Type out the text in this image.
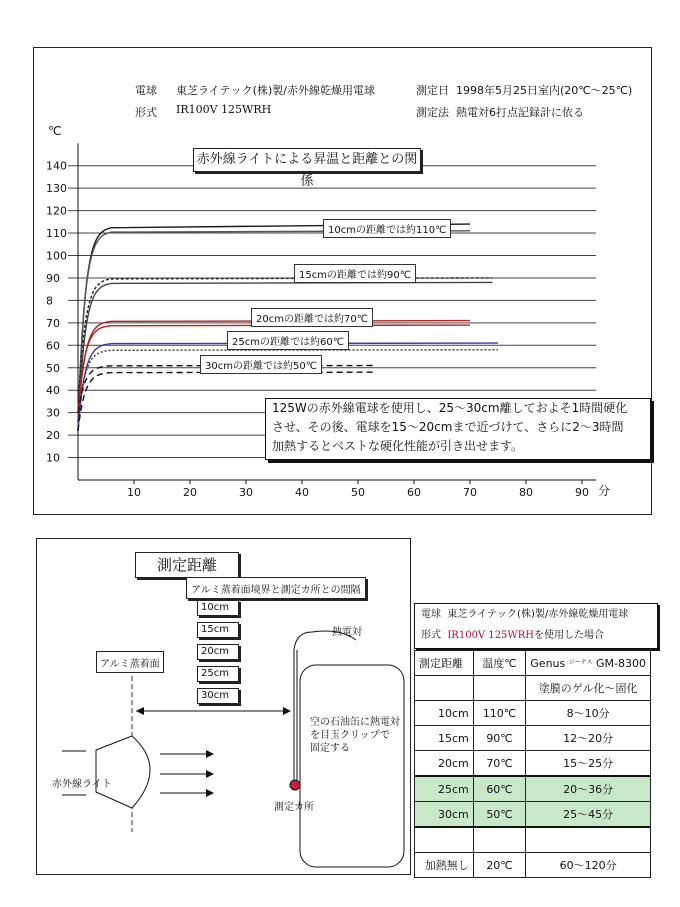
10
20
30
40
50
60
70
8
90
100
110
120
130
140
10	20	30	40	50	60	70	80	90
電球 東芝ライテック(株)製/赤外線乾燥用電球	測定日 1998年5月25日室内(20℃～25℃)
形式 IR100V 125WRH	測定法 熱電対6打点記録計に依る
赤外線ライトによる昇温と距離との関係
℃
分
10cmの距離では約110℃
15cmの距離では約90℃
20cmの距離では約70℃
25cmの距離では約60℃
30cmの距離では約50℃
125Wの赤外線電球を使用し、25～30cm離しておよそ1時間硬化
させ、その後、電球を15～20cmまで近づけて、さらに2～3時間
加熱するとベストな硬化性能が引き出せます。
測定距離
アルミ蒸着面境界と測定カ所との間隔
10cm
15cm
20cm
25cm
30cm
アルミ蒸着面
熱電対
空の石油缶に熱電対
を目玉クリップで
固定する
赤外線ライト
測定カ所
電球 東芝ライテック(株)製/赤外線乾燥用電球
形式 IR100V 125WRHを使用した場合
測定距離	温度℃	Genus $^{ジーナス}$ GM-8300
		塗膜のゲル化～固化
10cm	110℃	8～10分
15cm	90℃	12～20分
20cm	70℃	15～25分
25cm	60℃	20～36分
30cm	50℃	25～45分

加熱無し	20℃	60～120分
